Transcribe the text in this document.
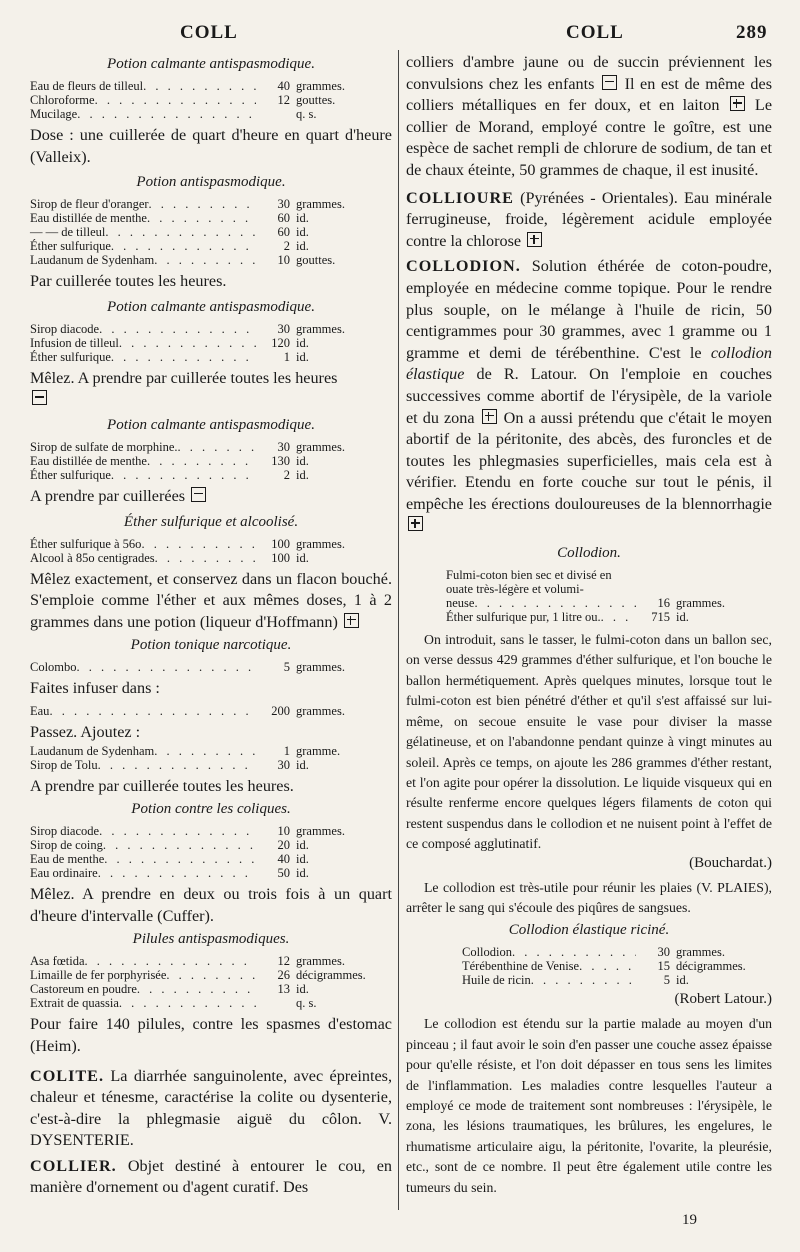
COLL	COLL	289
Potion calmante antispasmodique.
Eau de fleurs de tilleul . . .	40 grammes.
Chloroforme . . .	12 gouttes.
Mucilage . . .	q. s.

Dose : une cuillerée de quart d'heure en quart d'heure (Valleix).

Potion antispasmodique.
Sirop de fleur d'oranger . . .	30 grammes.
Eau distillée de menthe . . .	60 id.
— — de tilleul . . .	60 id.
Éther sulfurique . . .	2 id.
Laudanum de Sydenham . . .	10 gouttes.

Par cuillerée toutes les heures.

Potion calmante antispasmodique.
Sirop diacode . . .	30 grammes.
Infusion de tilleul . . .	120 id.
Éther sulfurique . . .	1 id.

Mêlez. A prendre par cuillerée toutes les heures

Potion calmante antispasmodique.
Sirop de sulfate de morphine. . . .	30 grammes.
Eau distillée de menthe . . .	130 id.
Éther sulfurique . . .	2 id.

A prendre par cuillerées

Éther sulfurique et alcoolisé.
Éther sulfurique à 56o . . .	100 grammes.
Alcool à 85o centigrades . . .	100 id.

Mêlez exactement, et conservez dans un flacon bouché. S'emploie comme l'éther et aux mêmes doses, 1 à 2 grammes dans une potion (liqueur d'Hoffmann)

Potion tonique narcotique.
Colombo . . .	5 grammes.

Faites infuser dans :

Eau . . .	200 grammes.

Passez. Ajoutez :

Laudanum de Sydenham . . .	1 gramme.
Sirop de Tolu . . .	30 id.

A prendre par cuillerée toutes les heures.

Potion contre les coliques.
Sirop diacode . . .	10 grammes.
Sirop de coing . . .	20 id.
Eau de menthe . . .	40 id.
Eau ordinaire . . .	50 id.

Mêlez. A prendre en deux ou trois fois à un quart d'heure d'intervalle (Cuffer).

Pilules antispasmodiques.
Asa fœtida . . .	12 grammes.
Limaille de fer porphyrisée . . .	26 décigrammes.
Castoreum en poudre . . .	13 id.
Extrait de quassia . . .	q. s.

Pour faire 140 pilules, contre les spasmes d'estomac (Heim).

COLITE. La diarrhée sanguinolente, avec épreintes, chaleur et ténesme, caractérise la colite ou dysenterie, c'est-à-dire la phlegmasie aiguë du côlon. V. DYSENTERIE.

COLLIER. Objet destiné à entourer le cou, en manière d'ornement ou d'agent curatif. Des

colliers d'ambre jaune ou de succin préviennent les convulsions chez les enfants  Il en est de même des colliers métalliques en fer doux, et en laiton  Le collier de Morand, employé contre le goître, est une espèce de sachet rempli de chlorure de sodium, de tan et de chaux éteinte, 50 grammes de chaque, il est inusité.

COLLIOURE (Pyrénées - Orientales). Eau minérale ferrugineuse, froide, légèrement acidule employée contre la chlorose

COLLODION. Solution éthérée de coton-poudre, employée en médecine comme topique. Pour le rendre plus souple, on le mélange à l'huile de ricin, 50 centigrammes pour 30 grammes, avec 1 gramme ou 1 gramme et demi de térébenthine. C'est le collodion élastique de R. Latour. On l'emploie en couches successives comme abortif de l'érysipèle, de la variole et du zona  On a aussi prétendu que c'était le moyen abortif de la péritonite, des abcès, des furoncles et de toutes les phlegmasies superficielles, mais cela est à vérifier. Etendu en forte couche sur tout le pénis, il empêche les érections douloureuses de la blennorrhagie

Collodion.
Fulmi-coton bien sec et divisé en
ouate très-légère et volumi-
neuse . . .	16 grammes.
Éther sulfurique pur, 1 litre ou. . . .	715 id.

On introduit, sans le tasser, le fulmi-coton dans un ballon sec, on verse dessus 429 grammes d'éther sulfurique, et l'on bouche le ballon hermétiquement. Après quelques minutes, lorsque tout le fulmi-coton est bien pénétré d'éther et qu'il s'est affaissé sur lui-même, on secoue ensuite le vase pour diviser la masse gélatineuse, et on l'abandonne pendant quinze à vingt minutes au soleil. Après ce temps, on ajoute les 286 grammes d'éther restant, et l'on agite pour opérer la dissolution. Le liquide visqueux qui en résulte renferme encore quelques légers filaments de coton qui restent suspendus dans le collodion et ne nuisent point à l'effet de ce composé agglutinatif.

(Bouchardat.)

Le collodion est très-utile pour réunir les plaies (V. PLAIES), arrêter le sang qui s'écoule des piqûres de sangsues.

Collodion élastique riciné.
Collodion . . .	30 grammes.
Térébenthine de Venise . . .	15 décigrammes.
Huile de ricin . . .	5 id.

(Robert Latour.)

Le collodion est étendu sur la partie malade au moyen d'un pinceau ; il faut avoir le soin d'en passer une couche assez épaisse pour qu'elle résiste, et l'on doit dépasser en tous sens les limites de l'inflammation. Les maladies contre lesquelles l'auteur a employé ce mode de traitement sont nombreuses : l'érysipèle, le zona, les lésions traumatiques, les brûlures, les engelures, le rhumatisme articulaire aigu, la péritonite, l'ovarite, la pleurésie, etc., sont de ce nombre. Il peut être également utile contre les tumeurs du sein.

19
